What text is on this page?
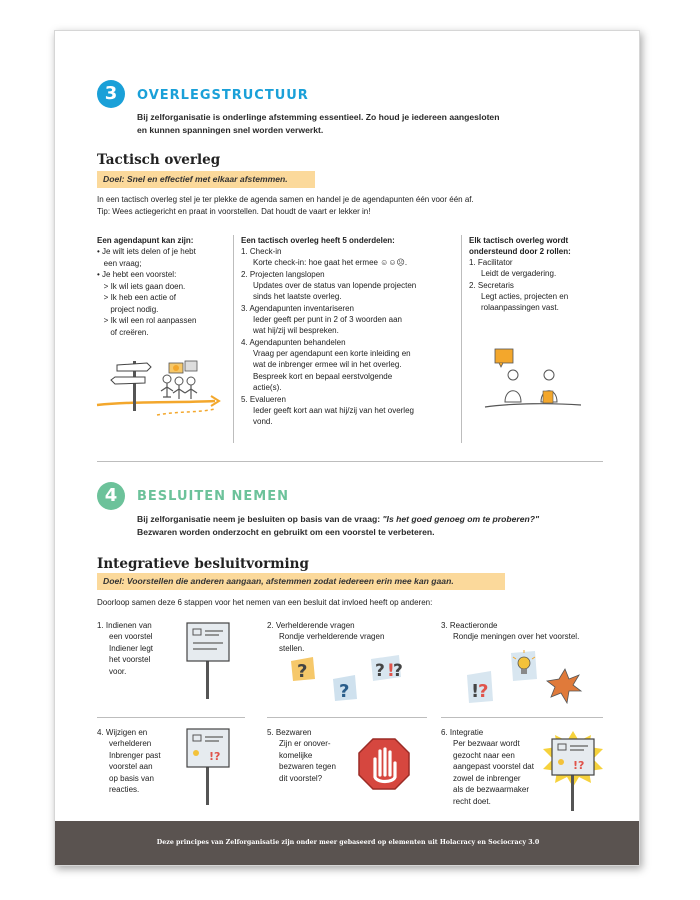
3	OVERLEGSTRUCTUUR
Bij zelforganisatie is onderlinge afstemming essentieel. Zo houd je iedereen aangesloten
en kunnen spanningen snel worden verwerkt.
Tactisch overleg
Doel: Snel en effectief met elkaar afstemmen.
In een tactisch overleg stel je ter plekke de agenda samen en handel je de agendapunten één voor één af.
Tip: Wees actiegericht en praat in voorstellen. Dat houdt de vaart er lekker in!
Een agendapunt kan zijn:
• Je wilt iets delen of je hebt
een vraag;
• Je hebt een voorstel:
> Ik wil iets gaan doen.
> Ik heb een actie of
project nodig.
> Ik wil een rol aanpassen
of creëren.
Een tactisch overleg heeft 5 onderdelen:
1. Check-in
Korte check-in: hoe gaat het ermee ☺☺☹.
2. Projecten langslopen
Updates over de status van lopende projecten
sinds het laatste overleg.
3. Agendapunten inventariseren
Ieder geeft per punt in 2 of 3 woorden aan
wat hij/zij wil bespreken.
4. Agendapunten behandelen
Vraag per agendapunt een korte inleiding en
wat de inbrenger ermee wil in het overleg.
Bespreek kort en bepaal eerstvolgende
actie(s).
5. Evalueren
Ieder geeft kort aan wat hij/zij van het overleg
vond.
Elk tactisch overleg wordt
ondersteund door 2 rollen:
1. Facilitator
Leidt de vergadering.
2. Secretaris
Legt acties, projecten en
rolaanpassingen vast.
4	BESLUITEN NEMEN
Bij zelforganisatie neem je besluiten op basis van de vraag: "Is het goed genoeg om te proberen?"
Bezwaren worden onderzocht en gebruikt om een voorstel te verbeteren.
Integratieve besluitvorming
Doel: Voorstellen die anderen aangaan, afstemmen zodat iedereen erin mee kan gaan.
Doorloop samen deze 6 stappen voor het nemen van een besluit dat invloed heeft op anderen:
1. Indienen van
een voorstel
Indiener legt
het voorstel
voor.
2. Verhelderende vragen
Rondje verhelderende vragen
stellen.
?
?
? !
?
3. Reactieronde
Rondje meningen over het voorstel.
!
?
4. Wijzigen en
verhelderen
Inbrenger past
voorstel aan
op basis van
reacties.
!?
5. Bezwaren
Zijn er onover-
komelijke
bezwaren tegen
dit voorstel?
6. Integratie
Per bezwaar wordt
gezocht naar een
aangepast voorstel dat
zowel de inbrenger
als de bezwaarmaker
recht doet.
!?
Deze principes van Zelforganisatie zijn onder meer gebaseerd op elementen uit Holacracy en Sociocracy 3.0
